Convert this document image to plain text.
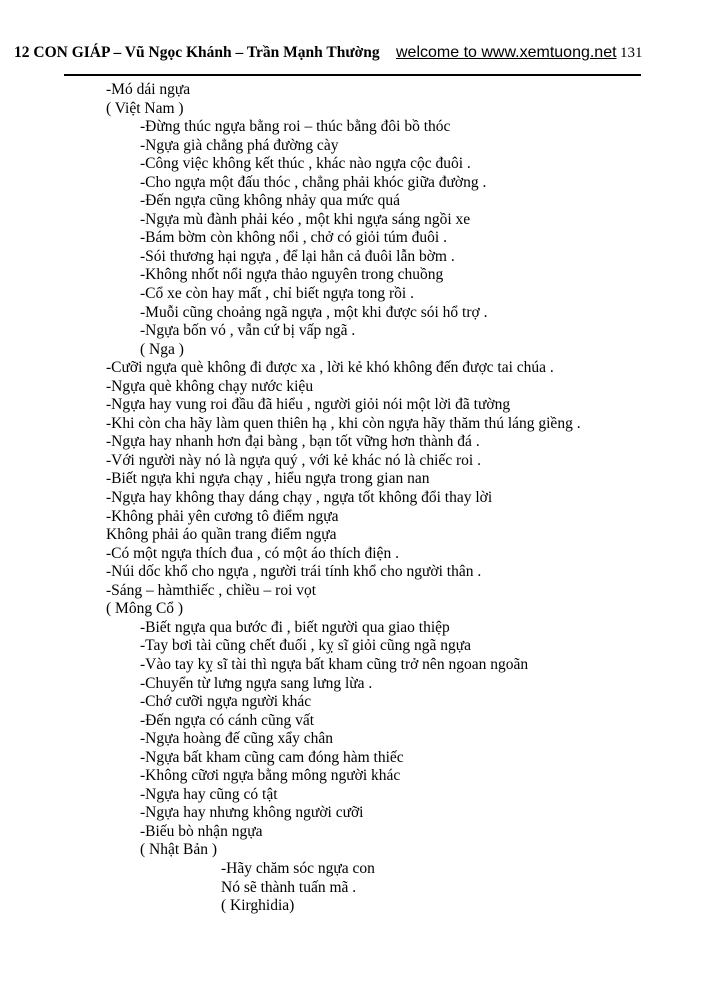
12 CON GIÁP – Vũ Ngọc Khánh – Trần Mạnh Thường welcome to www.xemtuong.net 131
-Mó dái ngựa
( Việt Nam )
-Đừng thúc ngựa bằng roi – thúc bằng đôi bồ thóc
-Ngựa già chẳng phá đường cày
-Công việc không kết thúc , khác nào ngựa cộc đuôi .
-Cho ngựa một đấu thóc , chẳng phải khóc giữa đường .
-Đến ngựa cũng không nhảy qua mức quá
-Ngựa mù đành phải kéo , một khi ngựa sáng ngồi xe
-Bám bờm còn không nổi , chở có giỏi túm đuôi .
-Sói thương hại ngựa , để lại hẳn cả đuôi lẫn bờm .
-Không nhốt nổi ngựa thảo nguyên trong chuồng
-Cổ xe còn hay mất , chỉ biết ngựa tong rồi .
-Muỗi cũng choảng ngã ngựa , một khi được sói hổ trợ .
-Ngựa bốn vó , vẫn cứ bị vấp ngã .
( Nga )
-Cưỡi ngựa què không đi được xa , lời kẻ khó không đến được tai chúa .
-Ngựa què không chạy nước kiệu
-Ngựa hay vung roi đầu đã hiểu , người giỏi nói một lời đã tường
-Khi còn cha hãy làm quen thiên hạ , khi còn ngựa hãy thăm thú láng giềng .
-Ngựa hay nhanh hơn đại bàng , bạn tốt vững hơn thành đá .
-Với người này nó là ngựa quý , với kẻ khác nó là chiếc roi .
-Biết ngựa khi ngựa chạy , hiểu ngựa trong gian nan
-Ngựa hay không thay dáng chạy , ngựa tốt không đổi thay lời
-Không phải yên cương tô điểm ngựa
Không phải áo quần trang điểm ngựa
-Có một ngựa thích đua , có một áo thích điện .
-Núi dốc khổ cho ngựa , người trái tính khổ cho người thân .
-Sáng – hàmthiếc , chiều – roi vọt
( Mông Cổ )
-Biết ngựa qua bước đi , biết người qua giao thiệp
-Tay bơi tài cũng chết đuối , kỵ sĩ giỏi cũng ngã ngựa
-Vào tay kỵ sĩ tài thì ngựa bất kham cũng trở nên ngoan ngoãn
-Chuyển từ lưng ngựa sang lưng lừa .
-Chớ cưỡi ngựa người khác
-Đến ngựa có cánh cũng vất
-Ngựa hoàng đế cũng xẩy chân
-Ngựa bất kham cũng cam đóng hàm thiếc
-Không cữơi ngựa bằng mông người khác
-Ngựa hay cũng có tật
-Ngựa hay nhưng không người cưỡi
-Biếu bò nhận ngựa
( Nhật Bản )
-Hãy chăm sóc ngựa con
Nó sẽ thành tuấn mã .
( Kirghidia)
